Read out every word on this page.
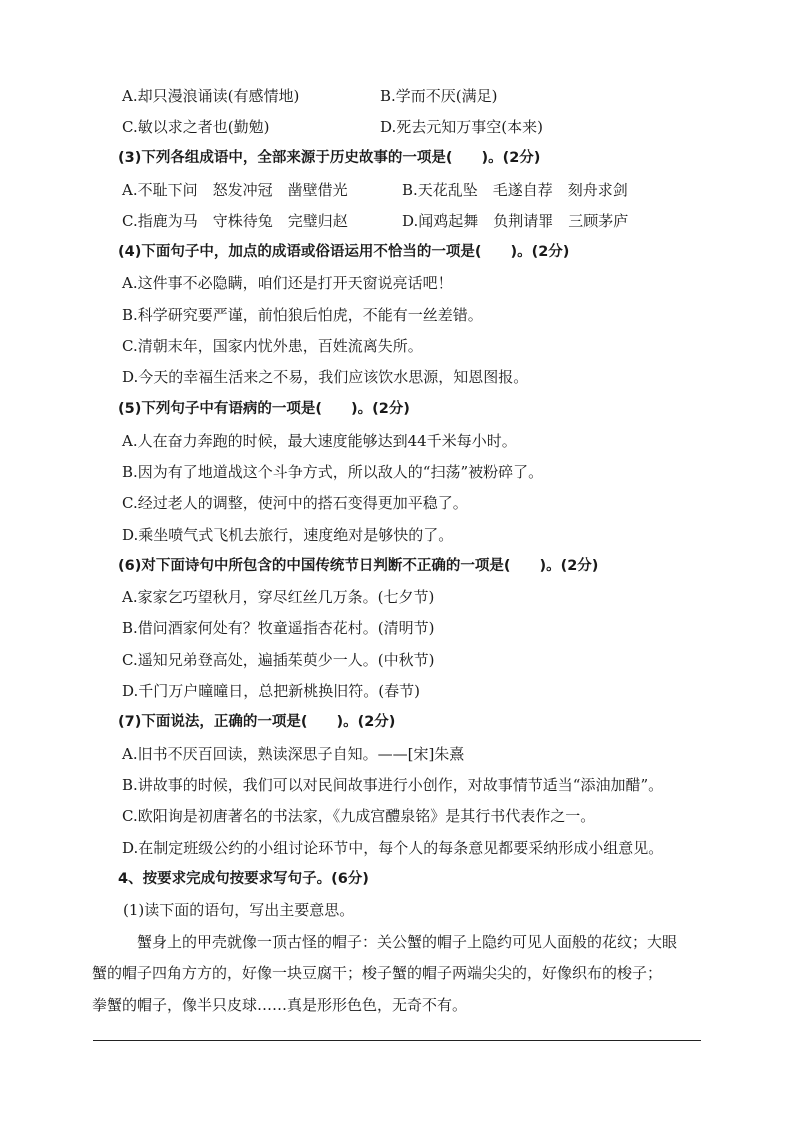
A.却只漫浪诵读(有感情地)	B.学而不厌(满足)
C.敏以求之者也(勤勉)	D.死去元知万事空(本来)
(3)下列各组成语中，全部来源于历史故事的一项是(　　)。(2分)
A.不耻下问　怒发冲冠　凿壁借光	B.天花乱坠　毛遂自荐　刻舟求剑
C.指鹿为马　守株待兔　完璧归赵	D.闻鸡起舞　负荆请罪　三顾茅庐
(4)下面句子中，加点的成语或俗语运用不恰当的一项是(　　)。(2分)
A.这件事不必隐瞒，咱们还是打开天窗说亮话吧！
B.科学研究要严谨，前怕狼后怕虎，不能有一丝差错。
C.清朝末年，国家内忧外患，百姓流离失所。
D.今天的幸福生活来之不易，我们应该饮水思源，知恩图报。
(5)下列句子中有语病的一项是(　　)。(2分)
A.人在奋力奔跑的时候，最大速度能够达到44千米每小时。
B.因为有了地道战这个斗争方式，所以敌人的“扫荡”被粉碎了。
C.经过老人的调整，使河中的搭石变得更加平稳了。
D.乘坐喷气式飞机去旅行，速度绝对是够快的了。
(6)对下面诗句中所包含的中国传统节日判断不正确的一项是(　　)。(2分)
A.家家乞巧望秋月，穿尽红丝几万条。(七夕节)
B.借问酒家何处有？牧童遥指杏花村。(清明节)
C.遥知兄弟登高处，遍插茱萸少一人。(中秋节)
D.千门万户曈曈日，总把新桃换旧符。(春节)
(7)下面说法，正确的一项是(　　)。(2分)
A.旧书不厌百回读，熟读深思子自知。——[宋]朱熹
B.讲故事的时候，我们可以对民间故事进行小创作，对故事情节适当“添油加醋”。
C.欧阳询是初唐著名的书法家，《九成宫醴泉铭》是其行书代表作之一。
D.在制定班级公约的小组讨论环节中，每个人的每条意见都要采纳形成小组意见。
4、按要求完成句按要求写句子。(6分)
(1)读下面的语句，写出主要意思。
蟹身上的甲壳就像一顶古怪的帽子：关公蟹的帽子上隐约可见人面般的花纹；大眼
蟹的帽子四角方方的，好像一块豆腐干；梭子蟹的帽子两端尖尖的，好像织布的梭子；
拳蟹的帽子，像半只皮球……真是形形色色，无奇不有。
